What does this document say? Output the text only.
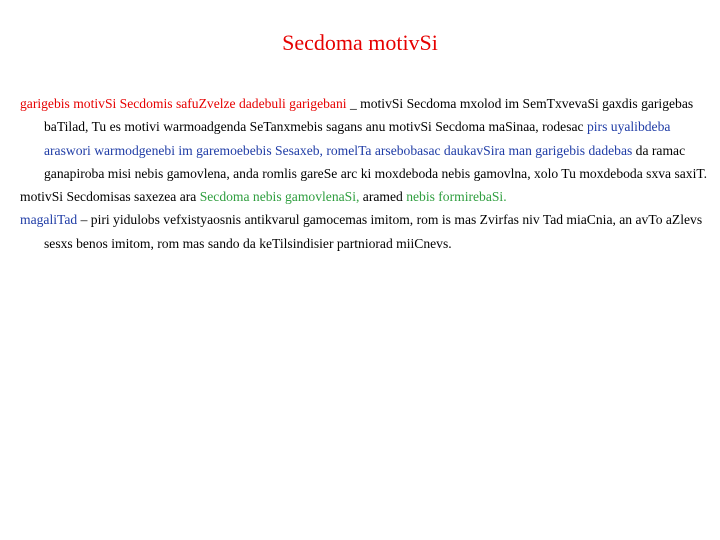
Secdoma motivSi

garigebis motivSi Secdomis safuZvelze dadebuli garigebani _ motivSi Secdoma mxolod im SemTxvevaSi gaxdis garigebas baTilad, Tu es motivi warmoadgenda SeTanxmebis sagans anu motivSi Secdoma maSinaa, rodesac pirs uyalibdeba araswori warmodgenebi im garemoebebis Sesaxeb, romelTa arsebobasac daukavSira man garigebis dadebas da ramac ganapiroba misi nebis gamovlena, anda romlis gareSe arc ki moxdeboda nebis gamovlna, xolo Tu moxdeboda sxva saxiT.

motivSi Secdomisas saxezea ara Secdoma nebis gamovlenaSi, aramed nebis formirebaSi.

magaliTad – piri yidulobs vefxistyaosnis antikvarul gamocemas imitom, rom is mas Zvirfas niv Tad miaCnia, an avTo aZlevs sesxs benos imitom, rom mas sando da keTilsindisier partniorad miiCnevs.
